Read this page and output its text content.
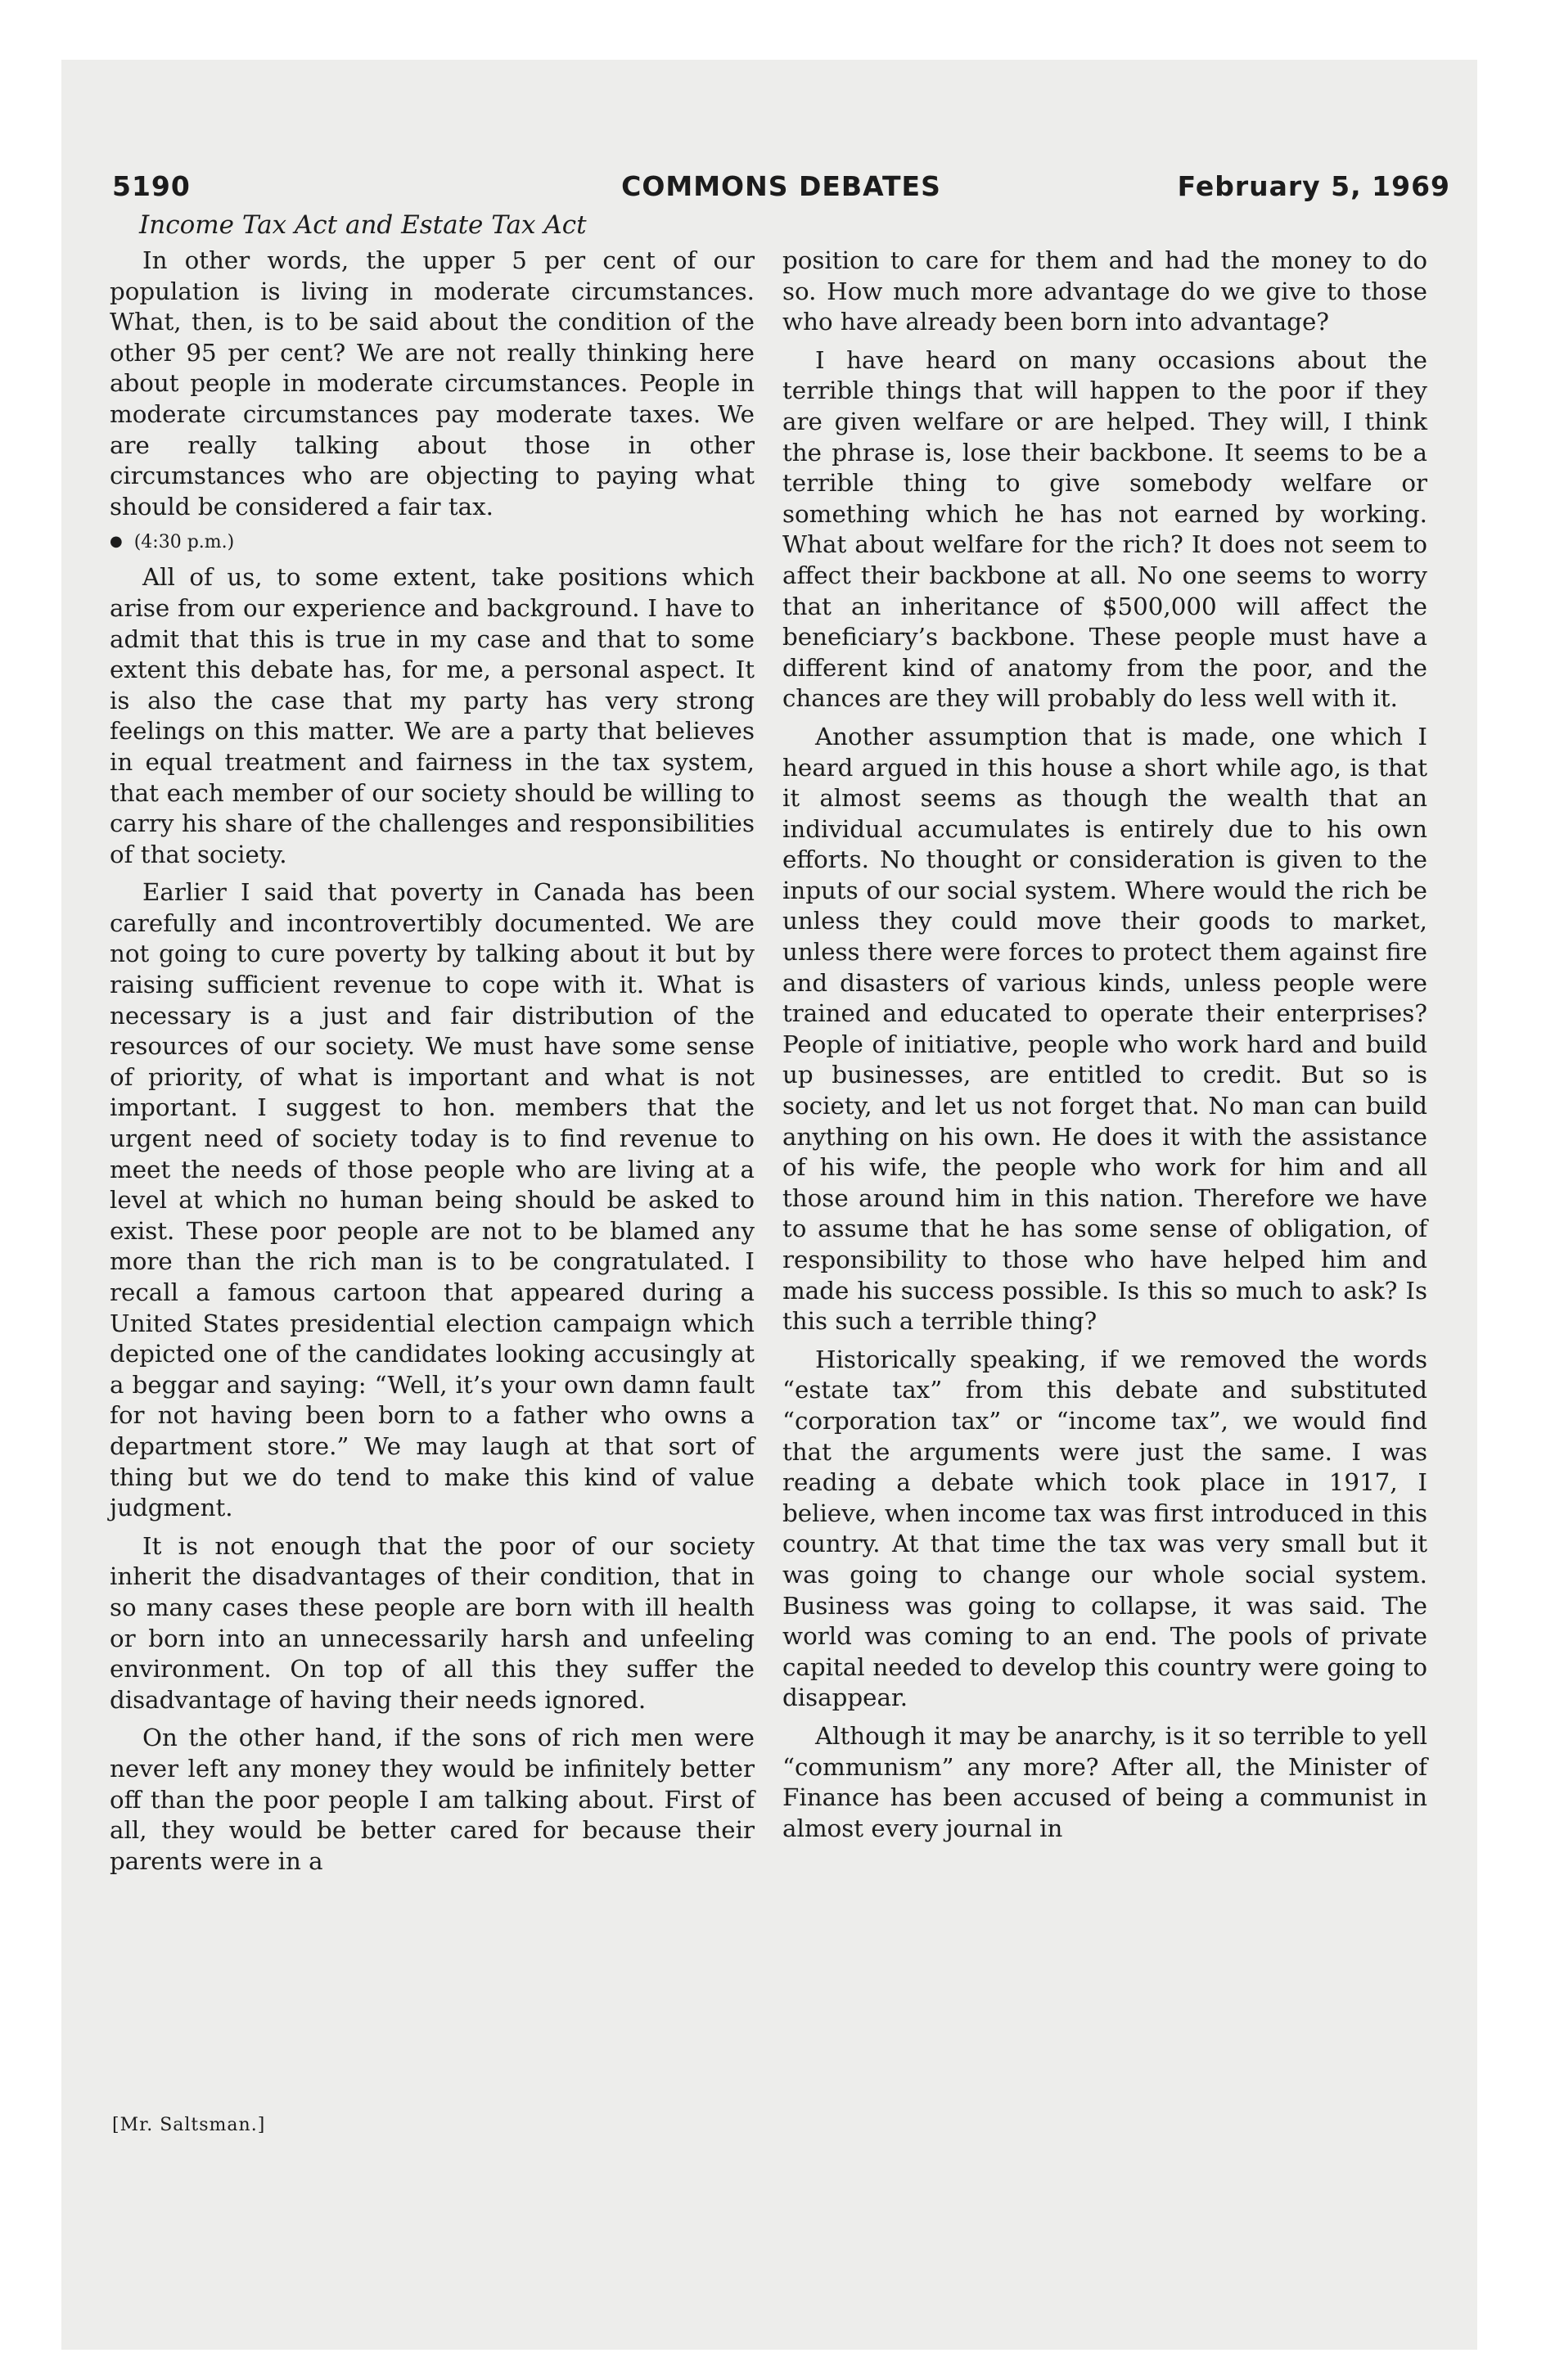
5190	COMMONS DEBATES	February 5, 1969
Income Tax Act and Estate Tax Act

In other words, the upper 5 per cent of our population is living in moderate circumstances. What, then, is to be said about the condition of the other 95 per cent? We are not really thinking here about people in moderate circumstances. People in moderate circumstances pay moderate taxes. We are really talking about those in other circumstances who are objecting to paying what should be considered a fair tax.

● (4:30 p.m.)

All of us, to some extent, take positions which arise from our experience and background. I have to admit that this is true in my case and that to some extent this debate has, for me, a personal aspect. It is also the case that my party has very strong feelings on this matter. We are a party that believes in equal treatment and fairness in the tax system, that each member of our society should be willing to carry his share of the challenges and responsibilities of that society.

Earlier I said that poverty in Canada has been carefully and incontrovertibly documented. We are not going to cure poverty by talking about it but by raising sufficient revenue to cope with it. What is necessary is a just and fair distribution of the resources of our society. We must have some sense of priority, of what is important and what is not important. I suggest to hon. members that the urgent need of society today is to find revenue to meet the needs of those people who are living at a level at which no human being should be asked to exist. These poor people are not to be blamed any more than the rich man is to be congratulated. I recall a famous cartoon that appeared during a United States presidential election campaign which depicted one of the candidates looking accusingly at a beggar and saying: “Well, it’s your own damn fault for not having been born to a father who owns a department store.” We may laugh at that sort of thing but we do tend to make this kind of value judgment.

It is not enough that the poor of our society inherit the disadvantages of their condition, that in so many cases these people are born with ill health or born into an unnecessarily harsh and unfeeling environment. On top of all this they suffer the disadvantage of having their needs ignored.

On the other hand, if the sons of rich men were never left any money they would be infinitely better off than the poor people I am talking about. First of all, they would be better cared for because their parents were in a

position to care for them and had the money to do so. How much more advantage do we give to those who have already been born into advantage?

I have heard on many occasions about the terrible things that will happen to the poor if they are given welfare or are helped. They will, I think the phrase is, lose their backbone. It seems to be a terrible thing to give somebody welfare or something which he has not earned by working. What about welfare for the rich? It does not seem to affect their backbone at all. No one seems to worry that an inheritance of $500,000 will affect the beneficiary’s backbone. These people must have a different kind of anatomy from the poor, and the chances are they will probably do less well with it.

Another assumption that is made, one which I heard argued in this house a short while ago, is that it almost seems as though the wealth that an individual accumulates is entirely due to his own efforts. No thought or consideration is given to the inputs of our social system. Where would the rich be unless they could move their goods to market, unless there were forces to protect them against fire and disasters of various kinds, unless people were trained and educated to operate their enterprises? People of initiative, people who work hard and build up businesses, are entitled to credit. But so is society, and let us not forget that. No man can build anything on his own. He does it with the assistance of his wife, the people who work for him and all those around him in this nation. Therefore we have to assume that he has some sense of obligation, of responsibility to those who have helped him and made his success possible. Is this so much to ask? Is this such a terrible thing?

Historically speaking, if we removed the words “estate tax” from this debate and substituted “corporation tax” or “income tax”, we would find that the arguments were just the same. I was reading a debate which took place in 1917, I believe, when income tax was first introduced in this country. At that time the tax was very small but it was going to change our whole social system. Business was going to collapse, it was said. The world was coming to an end. The pools of private capital needed to develop this country were going to disappear.

Although it may be anarchy, is it so terrible to yell “communism” any more? After all, the Minister of Finance has been accused of being a communist in almost every journal in

[Mr. Saltsman.]
